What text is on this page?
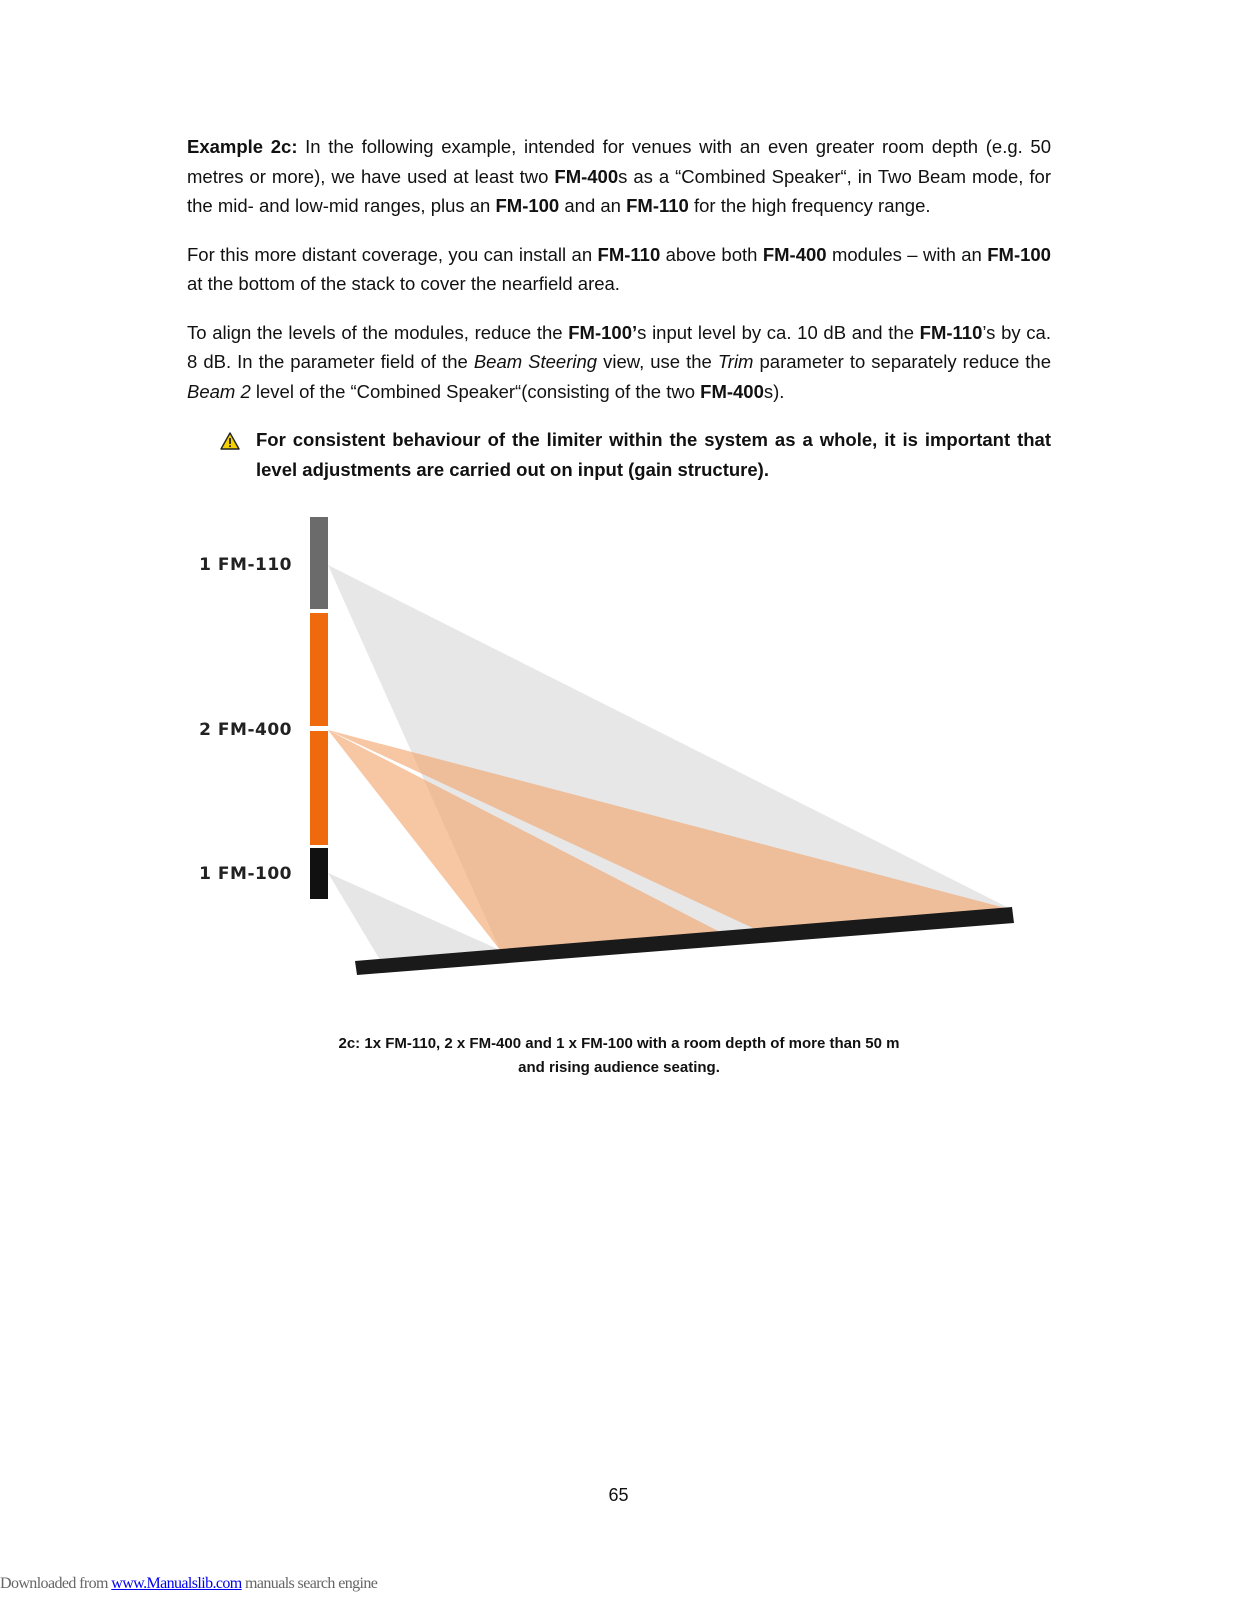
Example 2c: In the following example, intended for venues with an even greater room depth (e.g. 50 metres or more), we have used at least two FM-400s as a “Combined Speaker“, in Two Beam mode, for the mid- and low-mid ranges, plus an FM-100 and an FM-110 for the high frequency range.

For this more distant coverage, you can install an FM-110 above both FM-400 modules – with an FM-100 at the bottom of the stack to cover the nearfield area.

To align the levels of the modules, reduce the FM-100’s input level by ca. 10 dB and the FM-110’s by ca. 8 dB. In the parameter field of the Beam Steering view, use the Trim parameter to separately reduce the Beam 2 level of the “Combined Speaker“(consisting of the two FM-400s).

For consistent behaviour of the limiter within the system as a whole, it is important that level adjustments are carried out on input (gain structure).
1 FM-110
2 FM-400
1 FM-100
2c: 1x FM-110, 2 x FM-400 and 1 x FM-100 with a room depth of more than 50 m
and rising audience seating.
65
Downloaded from www.Manualslib.com manuals search engine
